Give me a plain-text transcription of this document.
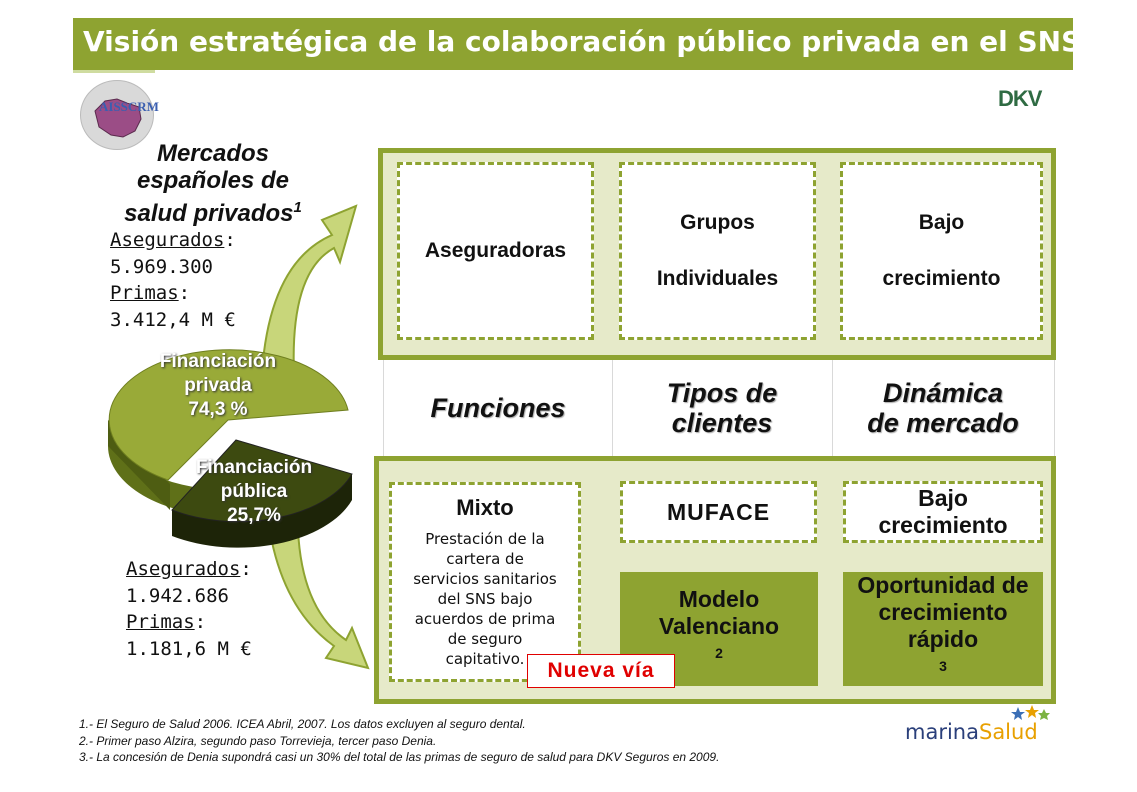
Visión estratégica de la colaboración público privada en el SNS
AISSCRM	DKV
Mercados
españoles de
salud privados$^1$
Asegurados:
5.969.300
Primas:
3.412,4 M €
Financiación
privada
74,3 %
Financiación
pública
25,7%
Asegurados:
1.942.686
Primas:
1.181,6 M €
Aseguradoras
Grupos
Individuales
Bajo
crecimiento
Funciones	Tipos de
clientes
Dinámica
de mercado
Mixto
Prestación de la
cartera de
servicios sanitarios
del SNS bajo
acuerdos de prima
de seguro
capitativo.
MUFACE
Bajo
crecimiento
Modelo
Valenciano
$^2$
Oportunidad de
crecimiento
rápido
$^3$
Nueva vía
1.- El Seguro de Salud 2006. ICEA Abril, 2007. Los datos excluyen al seguro dental.
2.- Primer paso Alzira, segundo paso Torrevieja, tercer paso Denia.
3.- La concesión de Denia supondrá casi un 30% del total de las primas de seguro de salud para DKV Seguros en 2009.
marinaSalud
